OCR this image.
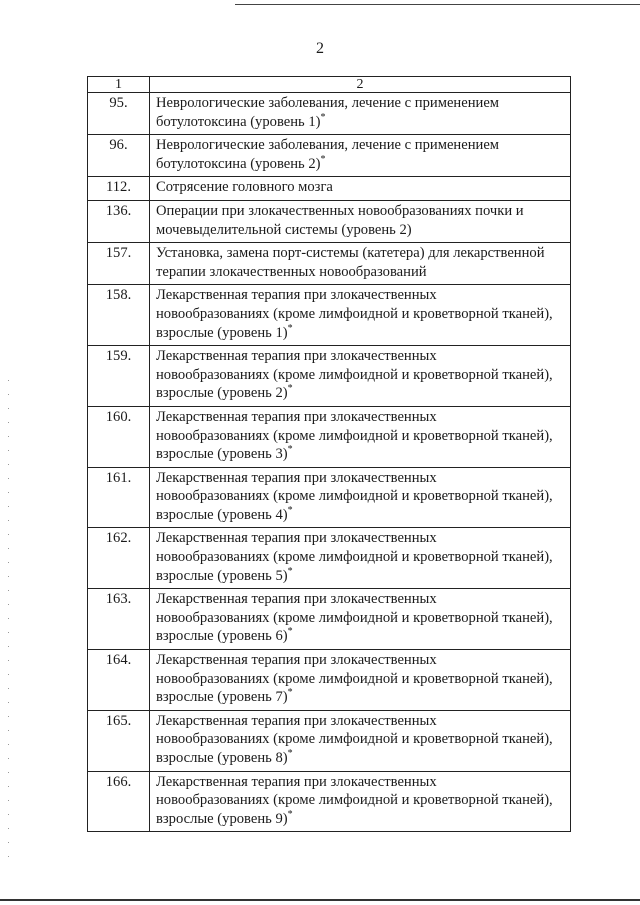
2
1	2
95.	Неврологические заболевания, лечение с применением
ботулотоксина (уровень 1)*

96.	Неврологические заболевания, лечение с применением
ботулотоксина (уровень 2)*

112.	Сотрясение головного мозга

136.	Операции при злокачественных новообразованиях почки и
мочевыделительной системы (уровень 2)

157.	Установка, замена порт-системы (катетера) для лекарственной
терапии злокачественных новообразований

158.	Лекарственная терапия при злокачественных
новообразованиях (кроме лимфоидной и кроветворной тканей),
взрослые (уровень 1)*

159.	Лекарственная терапия при злокачественных
новообразованиях (кроме лимфоидной и кроветворной тканей),
взрослые (уровень 2)*

160.	Лекарственная терапия при злокачественных
новообразованиях (кроме лимфоидной и кроветворной тканей),
взрослые (уровень 3)*

161.	Лекарственная терапия при злокачественных
новообразованиях (кроме лимфоидной и кроветворной тканей),
взрослые (уровень 4)*

162.	Лекарственная терапия при злокачественных
новообразованиях (кроме лимфоидной и кроветворной тканей),
взрослые (уровень 5)*

163.	Лекарственная терапия при злокачественных
новообразованиях (кроме лимфоидной и кроветворной тканей),
взрослые (уровень 6)*

164.	Лекарственная терапия при злокачественных
новообразованиях (кроме лимфоидной и кроветворной тканей),
взрослые (уровень 7)*

165.	Лекарственная терапия при злокачественных
новообразованиях (кроме лимфоидной и кроветворной тканей),
взрослые (уровень 8)*

166.	Лекарственная терапия при злокачественных
новообразованиях (кроме лимфоидной и кроветворной тканей),
взрослые (уровень 9)*
